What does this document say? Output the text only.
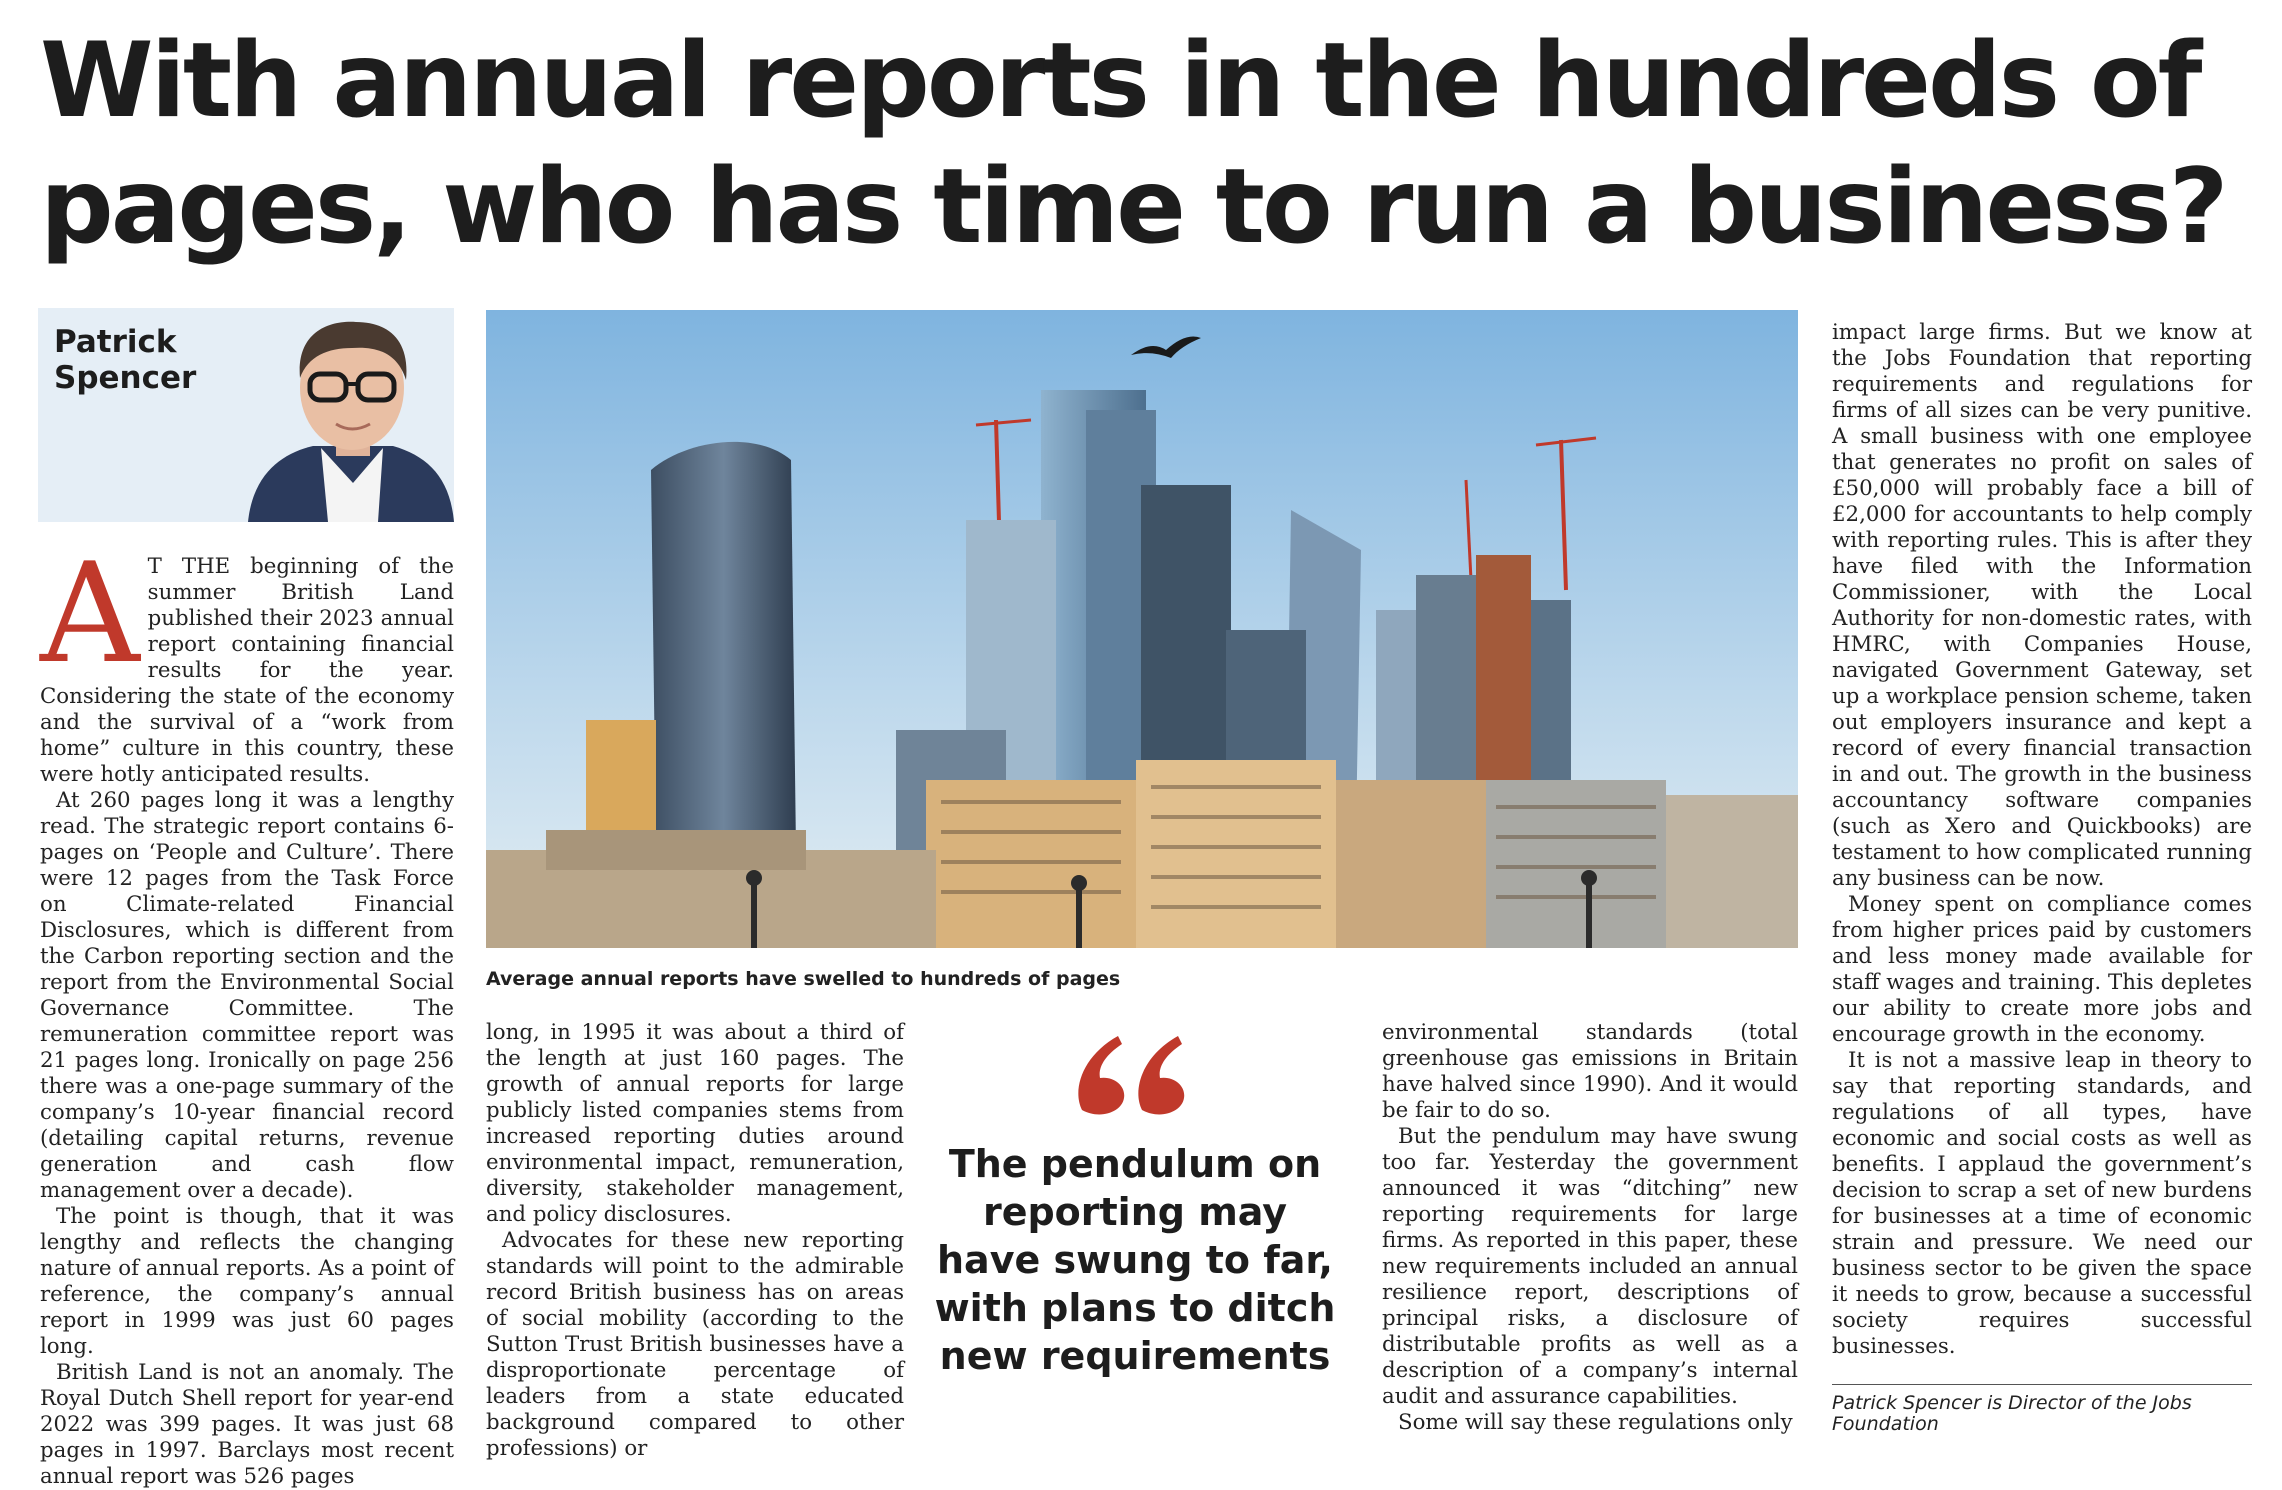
With annual reports in the hundreds of
pages, who has time to run a business?
Patrick
Spencer
Average annual reports have swelled to hundreds of pages

A T THE beginning of the summer British Land published their 2023 annual report containing financial results for the year. Considering the state of the economy and the survival of a “work from home” culture in this country, these were hotly anticipated results.

At 260 pages long it was a lengthy read. The strategic report contains 6-pages on ‘People and Culture’. There were 12 pages from the Task Force on Climate-related Financial Disclosures, which is different from the Carbon reporting section and the report from the Environmental Social Governance Committee. The remuneration committee report was 21 pages long. Ironically on page 256 there was a one-page summary of the company’s 10-year financial record (detailing capital returns, revenue generation and cash flow management over a decade).

The point is though, that it was lengthy and reflects the changing nature of annual reports. As a point of reference, the company’s annual report in 1999 was just 60 pages long.

British Land is not an anomaly. The Royal Dutch Shell report for year-end 2022 was 399 pages. It was just 68 pages in 1997. Barclays most recent annual report was 526 pages

long, in 1995 it was about a third of the length at just 160 pages. The growth of annual reports for large publicly listed companies stems from increased reporting duties around environmental impact, remuneration, diversity, stakeholder management, and policy disclosures.

Advocates for these new reporting standards will point to the admirable record British business has on areas of social mobility (according to the Sutton Trust British businesses have a disproportionate percentage of leaders from a state educated background compared to other professions) or

The pendulum on reporting may have swung to far, with plans to ditch new requirements

environmental standards (total greenhouse gas emissions in Britain have halved since 1990). And it would be fair to do so.

But the pendulum may have swung too far. Yesterday the government announced it was “ditching” new reporting requirements for large firms. As reported in this paper, these new requirements included an annual resilience report, descriptions of principal risks, a disclosure of distributable profits as well as a description of a company’s internal audit and assurance capabilities.

Some will say these regulations only

impact large firms. But we know at the Jobs Foundation that reporting requirements and regulations for firms of all sizes can be very punitive. A small business with one employee that generates no profit on sales of £50,000 will probably face a bill of £2,000 for accountants to help comply with reporting rules. This is after they have filed with the Information Commissioner, with the Local Authority for non-domestic rates, with HMRC, with Companies House, navigated Government Gateway, set up a workplace pension scheme, taken out employers insurance and kept a record of every financial transaction in and out. The growth in the business accountancy software companies (such as Xero and Quickbooks) are testament to how complicated running any business can be now.

Money spent on compliance comes from higher prices paid by customers and less money made available for staff wages and training. This depletes our ability to create more jobs and encourage growth in the economy.

It is not a massive leap in theory to say that reporting standards, and regulations of all types, have economic and social costs as well as benefits. I applaud the government’s decision to scrap a set of new burdens for businesses at a time of economic strain and pressure. We need our business sector to be given the space it needs to grow, because a successful society requires successful businesses.

Patrick Spencer is Director of the Jobs Foundation
